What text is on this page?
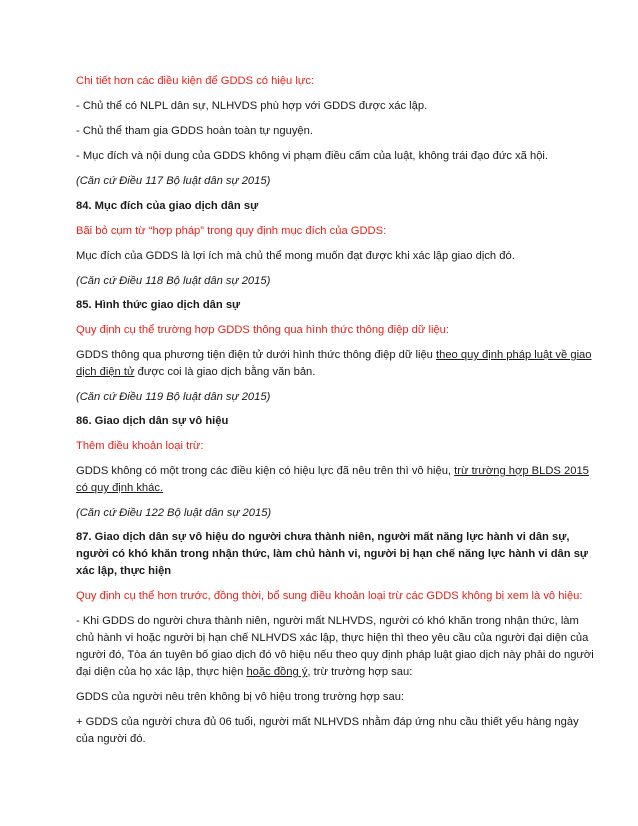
Chi tiết hơn các điều kiện để GDDS có hiệu lực:
- Chủ thể có NLPL dân sự, NLHVDS phù hợp với GDDS được xác lập.
- Chủ thể tham gia GDDS hoàn toàn tự nguyện.
- Mục đích và nội dung của GDDS không vi phạm điều cấm của luật, không trái đạo đức xã hội.
(Căn cứ Điều 117 Bộ luật dân sự 2015)
84. Mục đích của giao dịch dân sự
Bãi bỏ cụm từ “hợp pháp” trong quy định mục đích của GDDS:
Mục đích của GDDS là lợi ích mà chủ thể mong muốn đạt được khi xác lập giao dịch đó.
(Căn cứ Điều 118 Bộ luật dân sự 2015)
85. Hình thức giao dịch dân sự
Quy định cụ thể trường hợp GDDS thông qua hình thức thông điệp dữ liệu:
GDDS thông qua phương tiện điện tử dưới hình thức thông điệp dữ liệu theo quy định pháp luật về giao
dịch điện tử được coi là giao dịch bằng văn bản.
(Căn cứ Điều 119 Bộ luật dân sự 2015)
86. Giao dịch dân sự vô hiệu
Thêm điều khoản loại trừ:
GDDS không có một trong các điều kiện có hiệu lực đã nêu trên thì vô hiệu, trừ trường hợp BLDS 2015
có quy định khác.
(Căn cứ Điều 122 Bộ luật dân sự 2015)
87. Giao dịch dân sự vô hiệu do người chưa thành niên, người mất năng lực hành vi dân sự,
người có khó khăn trong nhận thức, làm chủ hành vi, người bị hạn chế năng lực hành vi dân sự
xác lập, thực hiện
Quy định cụ thể hơn trước, đồng thời, bổ sung điều khoản loại trừ các GDDS không bị xem là vô hiệu:
- Khi GDDS do người chưa thành niên, người mất NLHVDS, người có khó khăn trong nhận thức, làm
chủ hành vi hoặc người bị hạn chế NLHVDS xác lập, thực hiện thì theo yêu cầu của người đại diện của
người đó, Tòa án tuyên bố giao dịch đó vô hiệu nếu theo quy định pháp luật giao dịch này phải do người
đại diện của họ xác lập, thực hiện hoặc đồng ý, trừ trường hợp sau:
GDDS của người nêu trên không bị vô hiệu trong trường hợp sau:
+ GDDS của người chưa đủ 06 tuổi, người mất NLHVDS nhằm đáp ứng nhu cầu thiết yếu hàng ngày
của người đó.
